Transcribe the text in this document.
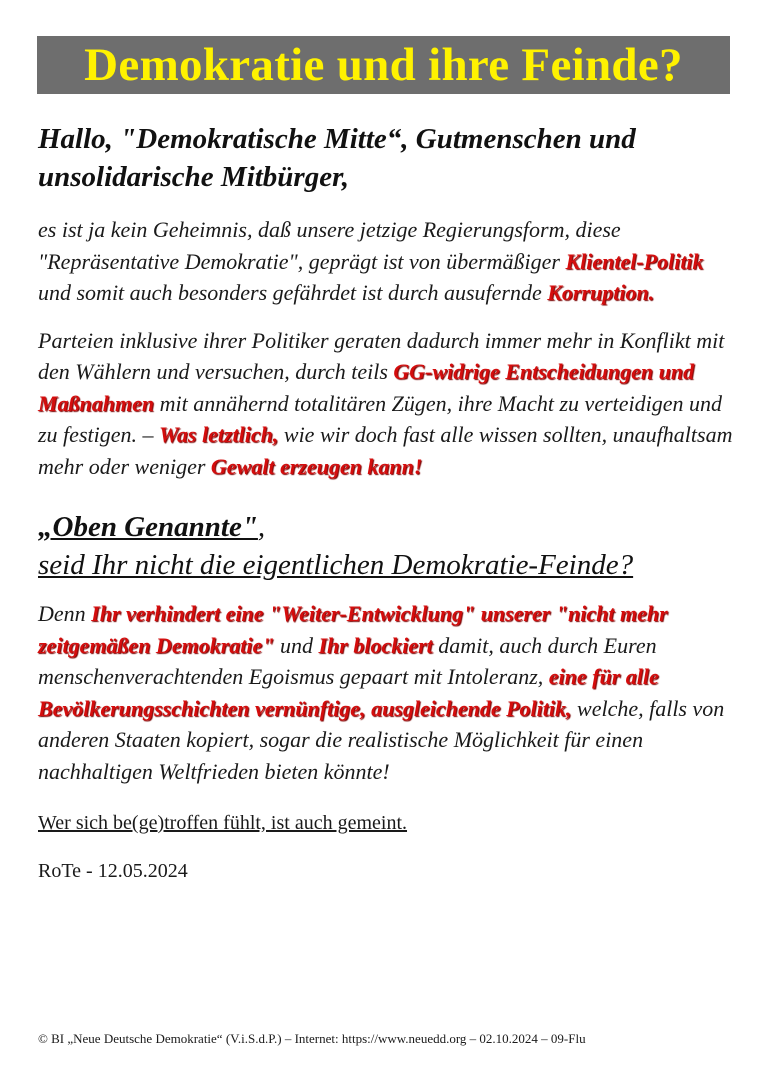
Demokratie und ihre Feinde?

Hallo, "Demokratische Mitte“, Gutmenschen und unsolidarische Mitbürger,

es ist ja kein Geheimnis, daß unsere jetzige Regierungsform, diese "Repräsentative Demokratie", geprägt ist von übermäßiger Klientel-Politik und somit auch besonders gefährdet ist durch ausufernde Korruption.

Parteien inklusive ihrer Politiker geraten dadurch immer mehr in Konflikt mit den Wählern und versuchen, durch teils GG-widrige Entscheidungen und Maßnahmen mit annähernd totalitären Zügen, ihre Macht zu verteidigen und zu festigen. – Was letztlich, wie wir doch fast alle wissen sollten, unaufhaltsam mehr oder weniger Gewalt erzeugen kann!

„Oben Genannte",
seid Ihr nicht die eigentlichen Demokratie-Feinde?

Denn Ihr verhindert eine "Weiter-Entwicklung" unserer "nicht mehr zeitgemäßen Demokratie" und Ihr blockiert damit, auch durch Euren menschenverachtenden Egoismus gepaart mit Intoleranz, eine für alle Bevölkerungsschichten vernünftige, ausgleichende Politik, welche, falls von anderen Staaten kopiert, sogar die realistische Möglichkeit für einen nachhaltigen Weltfrieden bieten könnte!

Wer sich be(ge)troffen fühlt, ist auch gemeint.

RoTe - 12.05.2024

© BI „Neue Deutsche Demokratie“ (V.i.S.d.P.) – Internet: https://www.neuedd.org – 02.10.2024 – 09-Flu
